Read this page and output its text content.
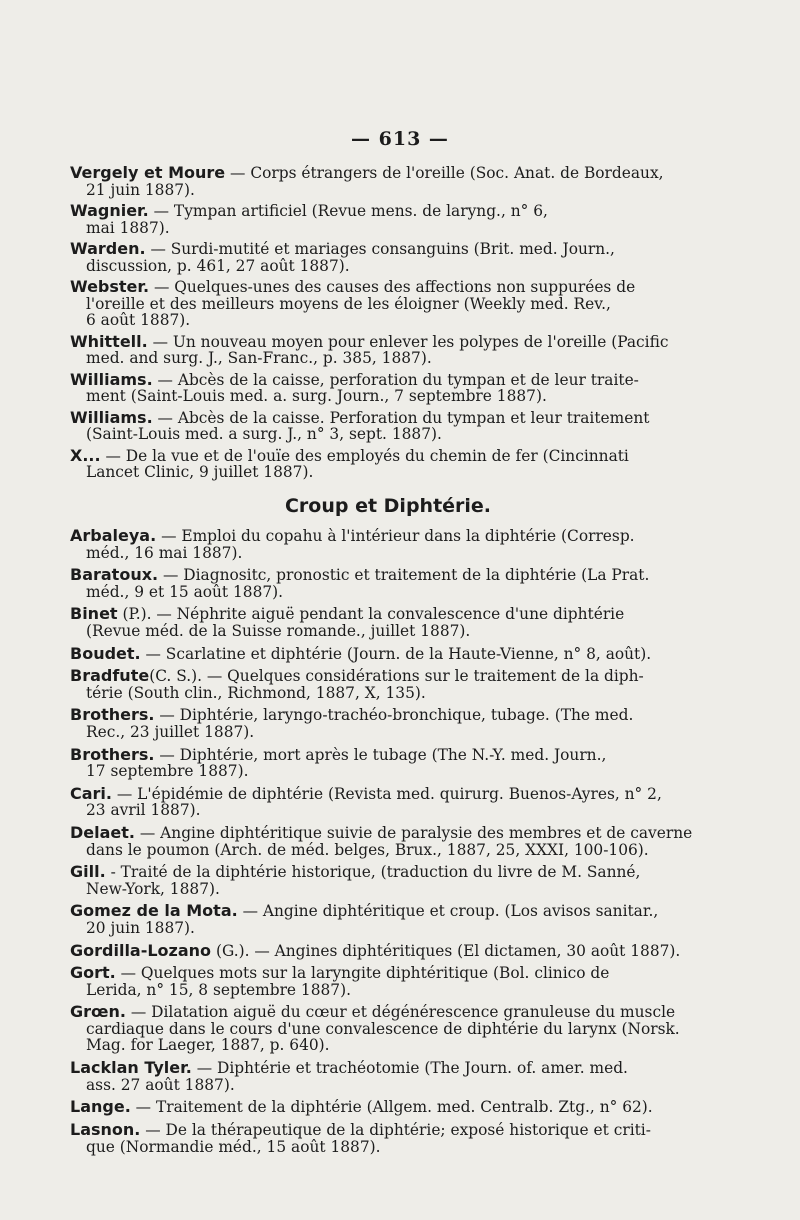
— 613 —
Vergely et Moure — Corps étrangers de l'oreille (Soc. Anat. de Bordeaux,
21 juin 1887).
Wagnier. — Tympan artificiel (Revue mens. de laryng., n° 6,
mai 1887).
Warden. — Surdi-mutité et mariages consanguins (Brit. med. Journ.,
discussion, p. 461, 27 août 1887).
Webster. — Quelques-unes des causes des affections non suppurées de
l'oreille et des meilleurs moyens de les éloigner (Weekly med. Rev.,
6 août 1887).
Whittell. — Un nouveau moyen pour enlever les polypes de l'oreille (Pacific
med. and surg. J., San-Franc., p. 385, 1887).
Williams. — Abcès de la caisse, perforation du tympan et de leur traite-
ment (Saint-Louis med. a. surg. Journ., 7 septembre 1887).
Williams. — Abcès de la caisse. Perforation du tympan et leur traitement
(Saint-Louis med. a surg. J., n° 3, sept. 1887).
X... — De la vue et de l'ouïe des employés du chemin de fer (Cincinnati
Lancet Clinic, 9 juillet 1887).
Croup et Diphtérie.
Arbaleya. — Emploi du copahu à l'intérieur dans la diphtérie (Corresp.
méd., 16 mai 1887).
Baratoux. — Diagnositc, pronostic et traitement de la diphtérie (La Prat.
méd., 9 et 15 août 1887).
Binet (P.). — Néphrite aiguë pendant la convalescence d'une diphtérie
(Revue méd. de la Suisse romande., juillet 1887).
Boudet. — Scarlatine et diphtérie (Journ. de la Haute-Vienne, n° 8, août).
Bradfute(C. S.). — Quelques considérations sur le traitement de la diph-
térie (South clin., Richmond, 1887, X, 135).
Brothers. — Diphtérie, laryngo-trachéo-bronchique, tubage. (The med.
Rec., 23 juillet 1887).
Brothers. — Diphtérie, mort après le tubage (The N.-Y. med. Journ.,
17 septembre 1887).
Cari. — L'épidémie de diphtérie (Revista med. quirurg. Buenos-Ayres, n° 2,
23 avril 1887).
Delaet. — Angine diphtéritique suivie de paralysie des membres et de caverne
dans le poumon (Arch. de méd. belges, Brux., 1887, 25, XXXI, 100-106).
Gill. - Traité de la diphtérie historique, (traduction du livre de M. Sanné,
New-York, 1887).
Gomez de la Mota. — Angine diphtéritique et croup. (Los avisos sanitar.,
20 juin 1887).
Gordilla-Lozano (G.). — Angines diphtéritiques (El dictamen, 30 août 1887).
Gort. — Quelques mots sur la laryngite diphtéritique (Bol. clinico de
Lerida, n° 15, 8 septembre 1887).
Grœn. — Dilatation aiguë du cœur et dégénérescence granuleuse du muscle
cardiaque dans le cours d'une convalescence de diphtérie du larynx (Norsk.
Mag. for Laeger, 1887, p. 640).
Lacklan Tyler. — Diphtérie et trachéotomie (The Journ. of. amer. med.
ass. 27 août 1887).
Lange. — Traitement de la diphtérie (Allgem. med. Centralb. Ztg., n° 62).
Lasnon. — De la thérapeutique de la diphtérie; exposé historique et criti-
que (Normandie méd., 15 août 1887).
